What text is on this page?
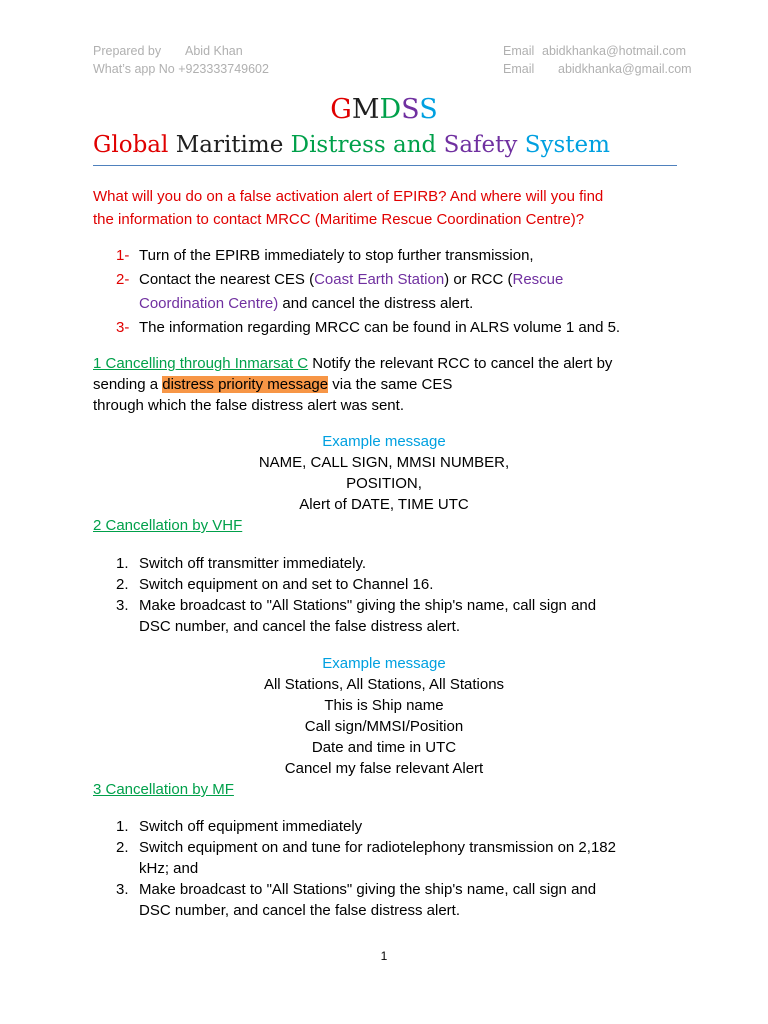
Prepared by Abid Khan
What’s app No +923333749602
Email abidkhanka@hotmail.com
Email abidkhanka@gmail.com
GMDSS
Global Maritime Distress and Safety System
What will you do on a false activation alert of EPIRB? And where will you find
the information to contact MRCC (Maritime Rescue Coordination Centre)?
1- Turn of the EPIRB immediately to stop further transmission,
2- Contact the nearest CES (Coast Earth Station) or RCC (Rescue
Coordination Centre) and cancel the distress alert.
3- The information regarding MRCC can be found in ALRS volume 1 and 5.
1 Cancelling through Inmarsat C Notify the relevant RCC to cancel the alert by
sending a distress priority message via the same CES
through which the false distress alert was sent.
Example message
NAME, CALL SIGN, MMSI NUMBER,
POSITION,
Alert of DATE, TIME UTC
2 Cancellation by VHF
1. Switch off transmitter immediately.
2. Switch equipment on and set to Channel 16.
3. Make broadcast to "All Stations" giving the ship's name, call sign and
DSC number, and cancel the false distress alert.
Example message
All Stations, All Stations, All Stations
This is Ship name
Call sign/MMSI/Position
Date and time in UTC
Cancel my false relevant Alert
3 Cancellation by MF
1. Switch off equipment immediately
2. Switch equipment on and tune for radiotelephony transmission on 2,182
kHz; and
3. Make broadcast to "All Stations" giving the ship's name, call sign and
DSC number, and cancel the false distress alert.
1
